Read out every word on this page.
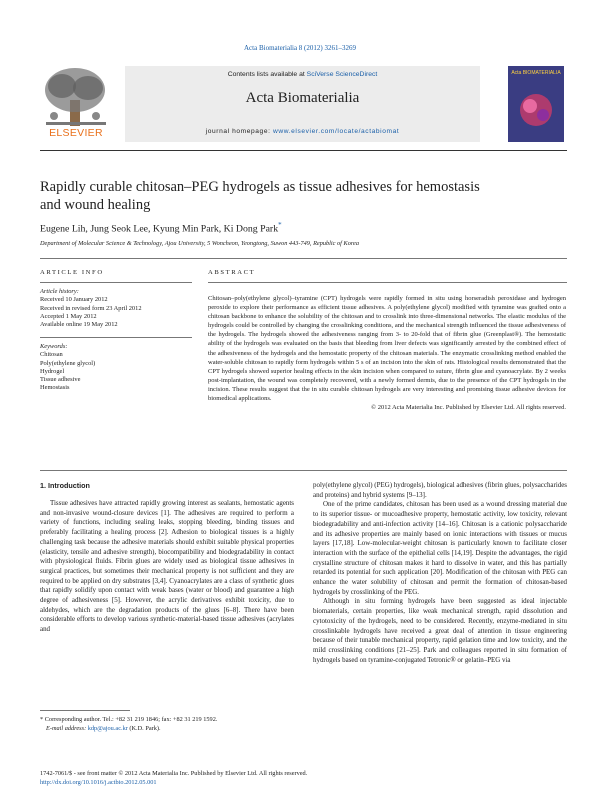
Acta Biomaterialia 8 (2012) 3261–3269
ELSEVIER
Contents lists available at SciVerse ScienceDirect
Acta Biomaterialia
journal homepage: www.elsevier.com/locate/actabiomat
Acta BIOMATERIALIA
Rapidly curable chitosan–PEG hydrogels as tissue adhesives for hemostasis
and wound healing
Eugene Lih, Jung Seok Lee, Kyung Min Park, Ki Dong Park*
Department of Molecular Science & Technology, Ajou University, 5 Woncheon, Yeongtong, Suwon 443-749, Republic of Korea
ARTICLE INFO
Article history:
Received 10 January 2012
Received in revised form 23 April 2012
Accepted 1 May 2012
Available online 19 May 2012
Keywords:
Chitosan
Poly(ethylene glycol)
Hydrogel
Tissue adhesive
Hemostasis
ABSTRACT
Chitosan–poly(ethylene glycol)–tyramine (CPT) hydrogels were rapidly formed in situ using horseradish peroxidase and hydrogen peroxide to explore their performance as efficient tissue adhesives. A poly(ethylene glycol) modified with tyramine was grafted onto a chitosan backbone to enhance the solubility of the chitosan and to crosslink into three-dimensional networks. The elastic modulus of the hydrogels could be controlled by changing the crosslinking conditions, and the mechanical strength influenced the tissue adhesiveness of the hydrogels. The hydrogels showed the adhesiveness ranging from 3- to 20-fold that of fibrin glue (Greenplast®). The hemostatic ability of the hydrogels was evaluated on the basis that bleeding from liver defects was significantly arrested by the combined effect of the adhesiveness of the hydrogels and the hemostatic property of the chitosan materials. The enzymatic crosslinking method enabled the water-soluble chitosan to rapidly form hydrogels within 5 s of an incision into the skin of rats. Histological results demonstrated that the CPT hydrogels showed superior healing effects in the skin incision when compared to suture, fibrin glue and cyanoacrylate. By 2 weeks post-implantation, the wound was completely recovered, with a newly formed dermis, due to the presence of the CPT hydrogels in the incision. These results suggest that the in situ curable chitosan hydrogels are very interesting and promising tissue adhesive devices for biomedical applications.
© 2012 Acta Materialia Inc. Published by Elsevier Ltd. All rights reserved.
1. Introduction

Tissue adhesives have attracted rapidly growing interest as sealants, hemostatic agents and non-invasive wound-closure devices [1]. The adhesives are required to perform a variety of functions, including sealing leaks, stopping bleeding, binding tissues and preferably facilitating a healing process [2]. Adhesion to biological tissues is a highly challenging task because the adhesive materials should exhibit suitable physical properties (elasticity, tensile and adhesive strength), biocompatibility and biodegradability in contact with physiological fluids. Fibrin glues are widely used as biological tissue adhesives in surgical practices, but sometimes their mechanical property is not sufficient and they are required to be applied on dry substrates [3,4]. Cyanoacrylates are a class of synthetic glues that rapidly solidify upon contact with weak bases (water or blood) and guarantee a high degree of adhesiveness [5]. However, the acrylic derivatives exhibit toxicity, due to aldehydes, which are the degradation products of the glues [6–8]. There have been considerable efforts to develop various synthetic-material-based tissue adhesives (acrylates and

poly(ethylene glycol) (PEG) hydrogels), biological adhesives (fibrin glues, polysaccharides and proteins) and hybrid systems [9–13].

One of the prime candidates, chitosan has been used as a wound dressing material due to its superior tissue- or mucoadhesive property, hemostatic activity, low toxicity, relevant biodegradability and anti-infection activity [14–16]. Chitosan is a cationic polysaccharide and its adhesive properties are mainly based on ionic interactions with tissues or mucus layers [17,18]. Low-molecular-weight chitosan is particularly known to facilitate closer interaction with the surface of the epithelial cells [14,19]. Despite the advantages, the rigid crystalline structure of chitosan makes it hard to dissolve in water, and this has partially retarded its potential for such application [20]. Modification of the chitosan with PEG can enhance the water solubility of chitosan and permit the formation of chitosan-based hydrogels by crosslinking of the PEG.

Although in situ forming hydrogels have been suggested as ideal injectable biomaterials, certain properties, like weak mechanical strength, rapid dissolution and cytotoxicity of the hydrogels, need to be considered. Recently, enzyme-mediated in situ crosslinkable hydrogels have received a great deal of attention in tissue engineering because of their tunable mechanical property, rapid gelation time and low toxicity, and the mild crosslinking conditions [21–25]. Park and colleagues reported in situ formation of hydrogels based on tyramine-conjugated Tetronic® or gelatin–PEG via

* Corresponding author. Tel.: +82 31 219 1846; fax: +82 31 219 1592.
E-mail address: kdp@ajou.ac.kr (K.D. Park).
1742-7061/$ - see front matter © 2012 Acta Materialia Inc. Published by Elsevier Ltd. All rights reserved.
http://dx.doi.org/10.1016/j.actbio.2012.05.001
